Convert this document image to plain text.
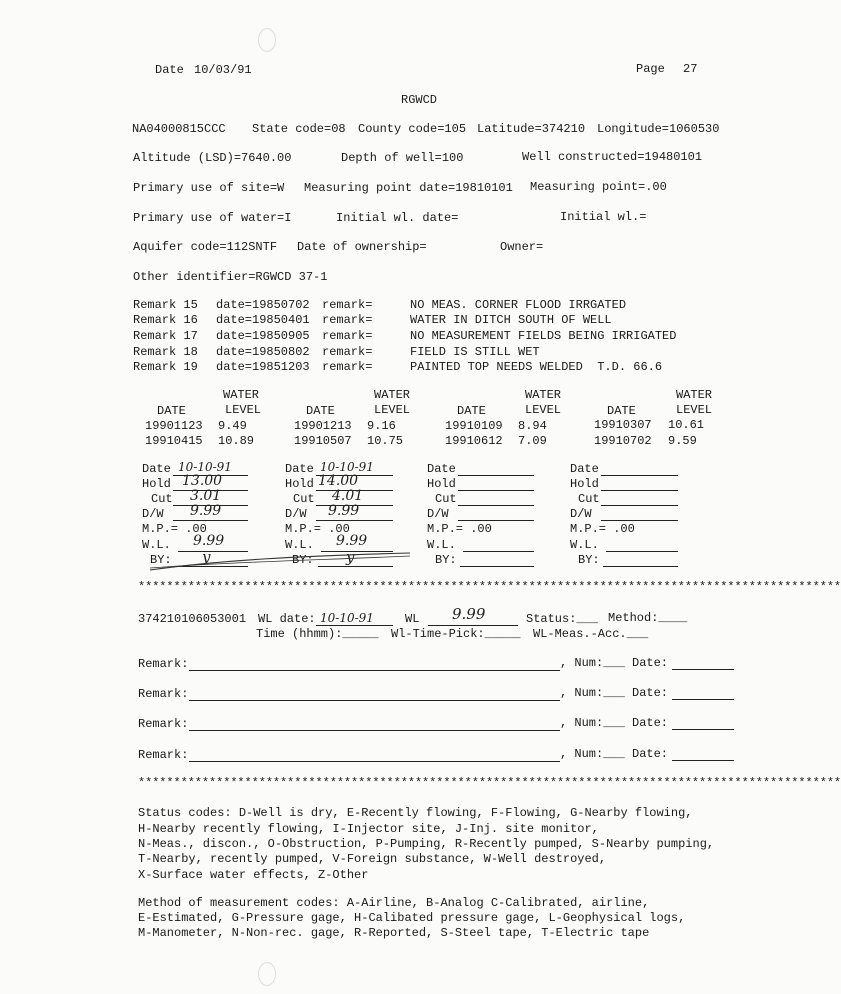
Date 10/03/91	Page 27
RGWCD
NA04000815CCC State code=08 County code=105 Latitude=374210 Longitude=1060530
Altitude (LSD)=7640.00	Depth of well=100	Well constructed=19480101
Primary use of site=W Measuring point date=19810101 Measuring point=.00
Primary use of water=I	Initial wl. date=	Initial wl.=
Aquifer code=112SNTF Date of ownership=	Owner=
Other identifier=RGWCD 37-1
Remark 15 date=19850702 remark=	NO MEAS. CORNER FLOOD IRRGATED
Remark 16 date=19850401 remark=	WATER IN DITCH SOUTH OF WELL
Remark 17 date=19850905 remark=	NO MEASUREMENT FIELDS BEING IRRIGATED
Remark 18 date=19850802 remark=	FIELD IS STILL WET
Remark 19 date=19851203 remark=	PAINTED TOP NEEDS WELDED  T.D. 66.6
WATER	WATER	WATER	WATER
DATE	LEVEL	DATE	LEVEL	DATE	LEVEL	DATE	LEVEL
19901123 9.49	19901213 9.16	19910109 8.94	19910307 10.61
19910415 10.89	19910507 10.75	19910612 7.09	19910702 9.59
Date 10-10-91
Hold 13.00
Cut 3.01
D/W 9.99
M.P.= .00
W.L. 9.99
BY: y
Date 10-10-91
Hold 14.00
Cut 4.01
D/W 9.99
M.P.= .00
W.L. 9.99
BY: y
Date
Hold
Cut
D/W
M.P.= .00
W.L.
BY:
Date
Hold
Cut
D/W
M.P.= .00
W.L.
BY:
***************************************************************************************************
374210106053001 WL date: 10-10-91	WL 9.99	Status:___ Method:____
Time (hhmm):_____ Wl-Time-Pick:_____ WL-Meas.-Acc.___
Remark:	, Num:___ Date:
Remark:	, Num:___ Date:
Remark:	, Num:___ Date:
Remark:	, Num:___ Date:
***************************************************************************************************
Status codes: D-Well is dry, E-Recently flowing, F-Flowing, G-Nearby flowing,
H-Nearby recently flowing, I-Injector site, J-Inj. site monitor,
N-Meas., discon., O-Obstruction, P-Pumping, R-Recently pumped, S-Nearby pumping,
T-Nearby, recently pumped, V-Foreign substance, W-Well destroyed,
X-Surface water effects, Z-Other
Method of measurement codes: A-Airline, B-Analog C-Calibrated, airline,
E-Estimated, G-Pressure gage, H-Calibated pressure gage, L-Geophysical logs,
M-Manometer, N-Non-rec. gage, R-Reported, S-Steel tape, T-Electric tape
